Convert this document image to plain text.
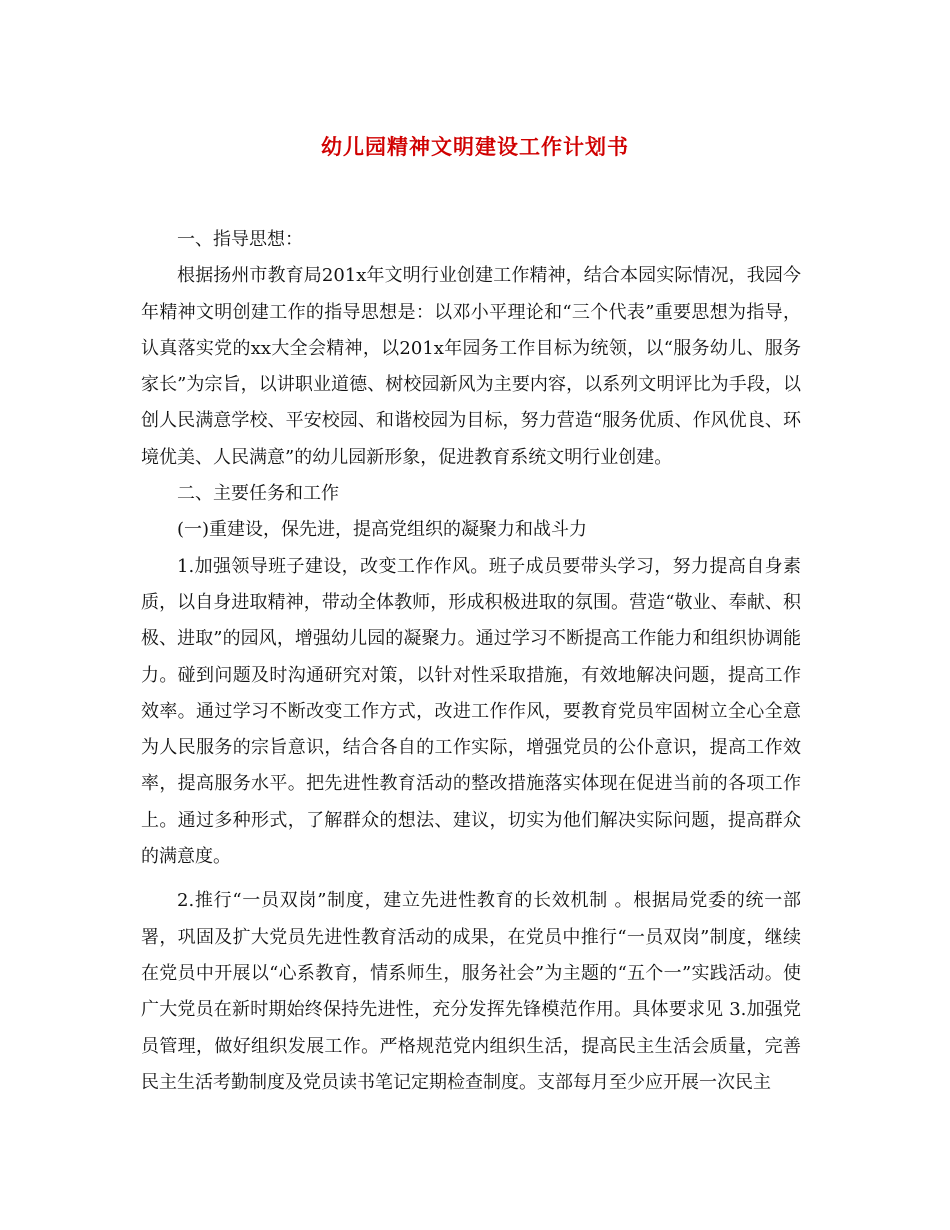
幼儿园精神文明建设工作计划书

一、指导思想：

根据扬州市教育局201x年文明行业创建工作精神，结合本园实际情况，我园今年精神文明创建工作的指导思想是：以邓小平理论和“三个代表”重要思想为指导，认真落实党的xx大全会精神，以201x年园务工作目标为统领，以“服务幼儿、服务家长”为宗旨，以讲职业道德、树校园新风为主要内容，以系列文明评比为手段，以创人民满意学校、平安校园、和谐校园为目标，努力营造“服务优质、作风优良、环境优美、人民满意”的幼儿园新形象，促进教育系统文明行业创建。

二、主要任务和工作

(一)重建设，保先进，提高党组织的凝聚力和战斗力

1.加强领导班子建设，改变工作作风。班子成员要带头学习，努力提高自身素质，以自身进取精神，带动全体教师，形成积极进取的氛围。营造“敬业、奉献、积极、进取”的园风，增强幼儿园的凝聚力。通过学习不断提高工作能力和组织协调能力。碰到问题及时沟通研究对策，以针对性采取措施，有效地解决问题，提高工作效率。通过学习不断改变工作方式，改进工作作风，要教育党员牢固树立全心全意为人民服务的宗旨意识，结合各自的工作实际，增强党员的公仆意识，提高工作效率，提高服务水平。把先进性教育活动的整改措施落实体现在促进当前的各项工作上。通过多种形式，了解群众的想法、建议，切实为他们解决实际问题，提高群众的满意度。

2.推行“一员双岗”制度，建立先进性教育的长效机制 。根据局党委的统一部署，巩固及扩大党员先进性教育活动的成果，在党员中推行“一员双岗”制度，继续在党员中开展以“心系教育，情系师生，服务社会”为主题的“五个一”实践活动。使广大党员在新时期始终保持先进性，充分发挥先锋模范作用。具体要求见 3.加强党员管理，做好组织发展工作。严格规范党内组织生活，提高民主生活会质量，完善民主生活考勤制度及党员读书笔记定期检查制度。支部每月至少应开展一次民主
